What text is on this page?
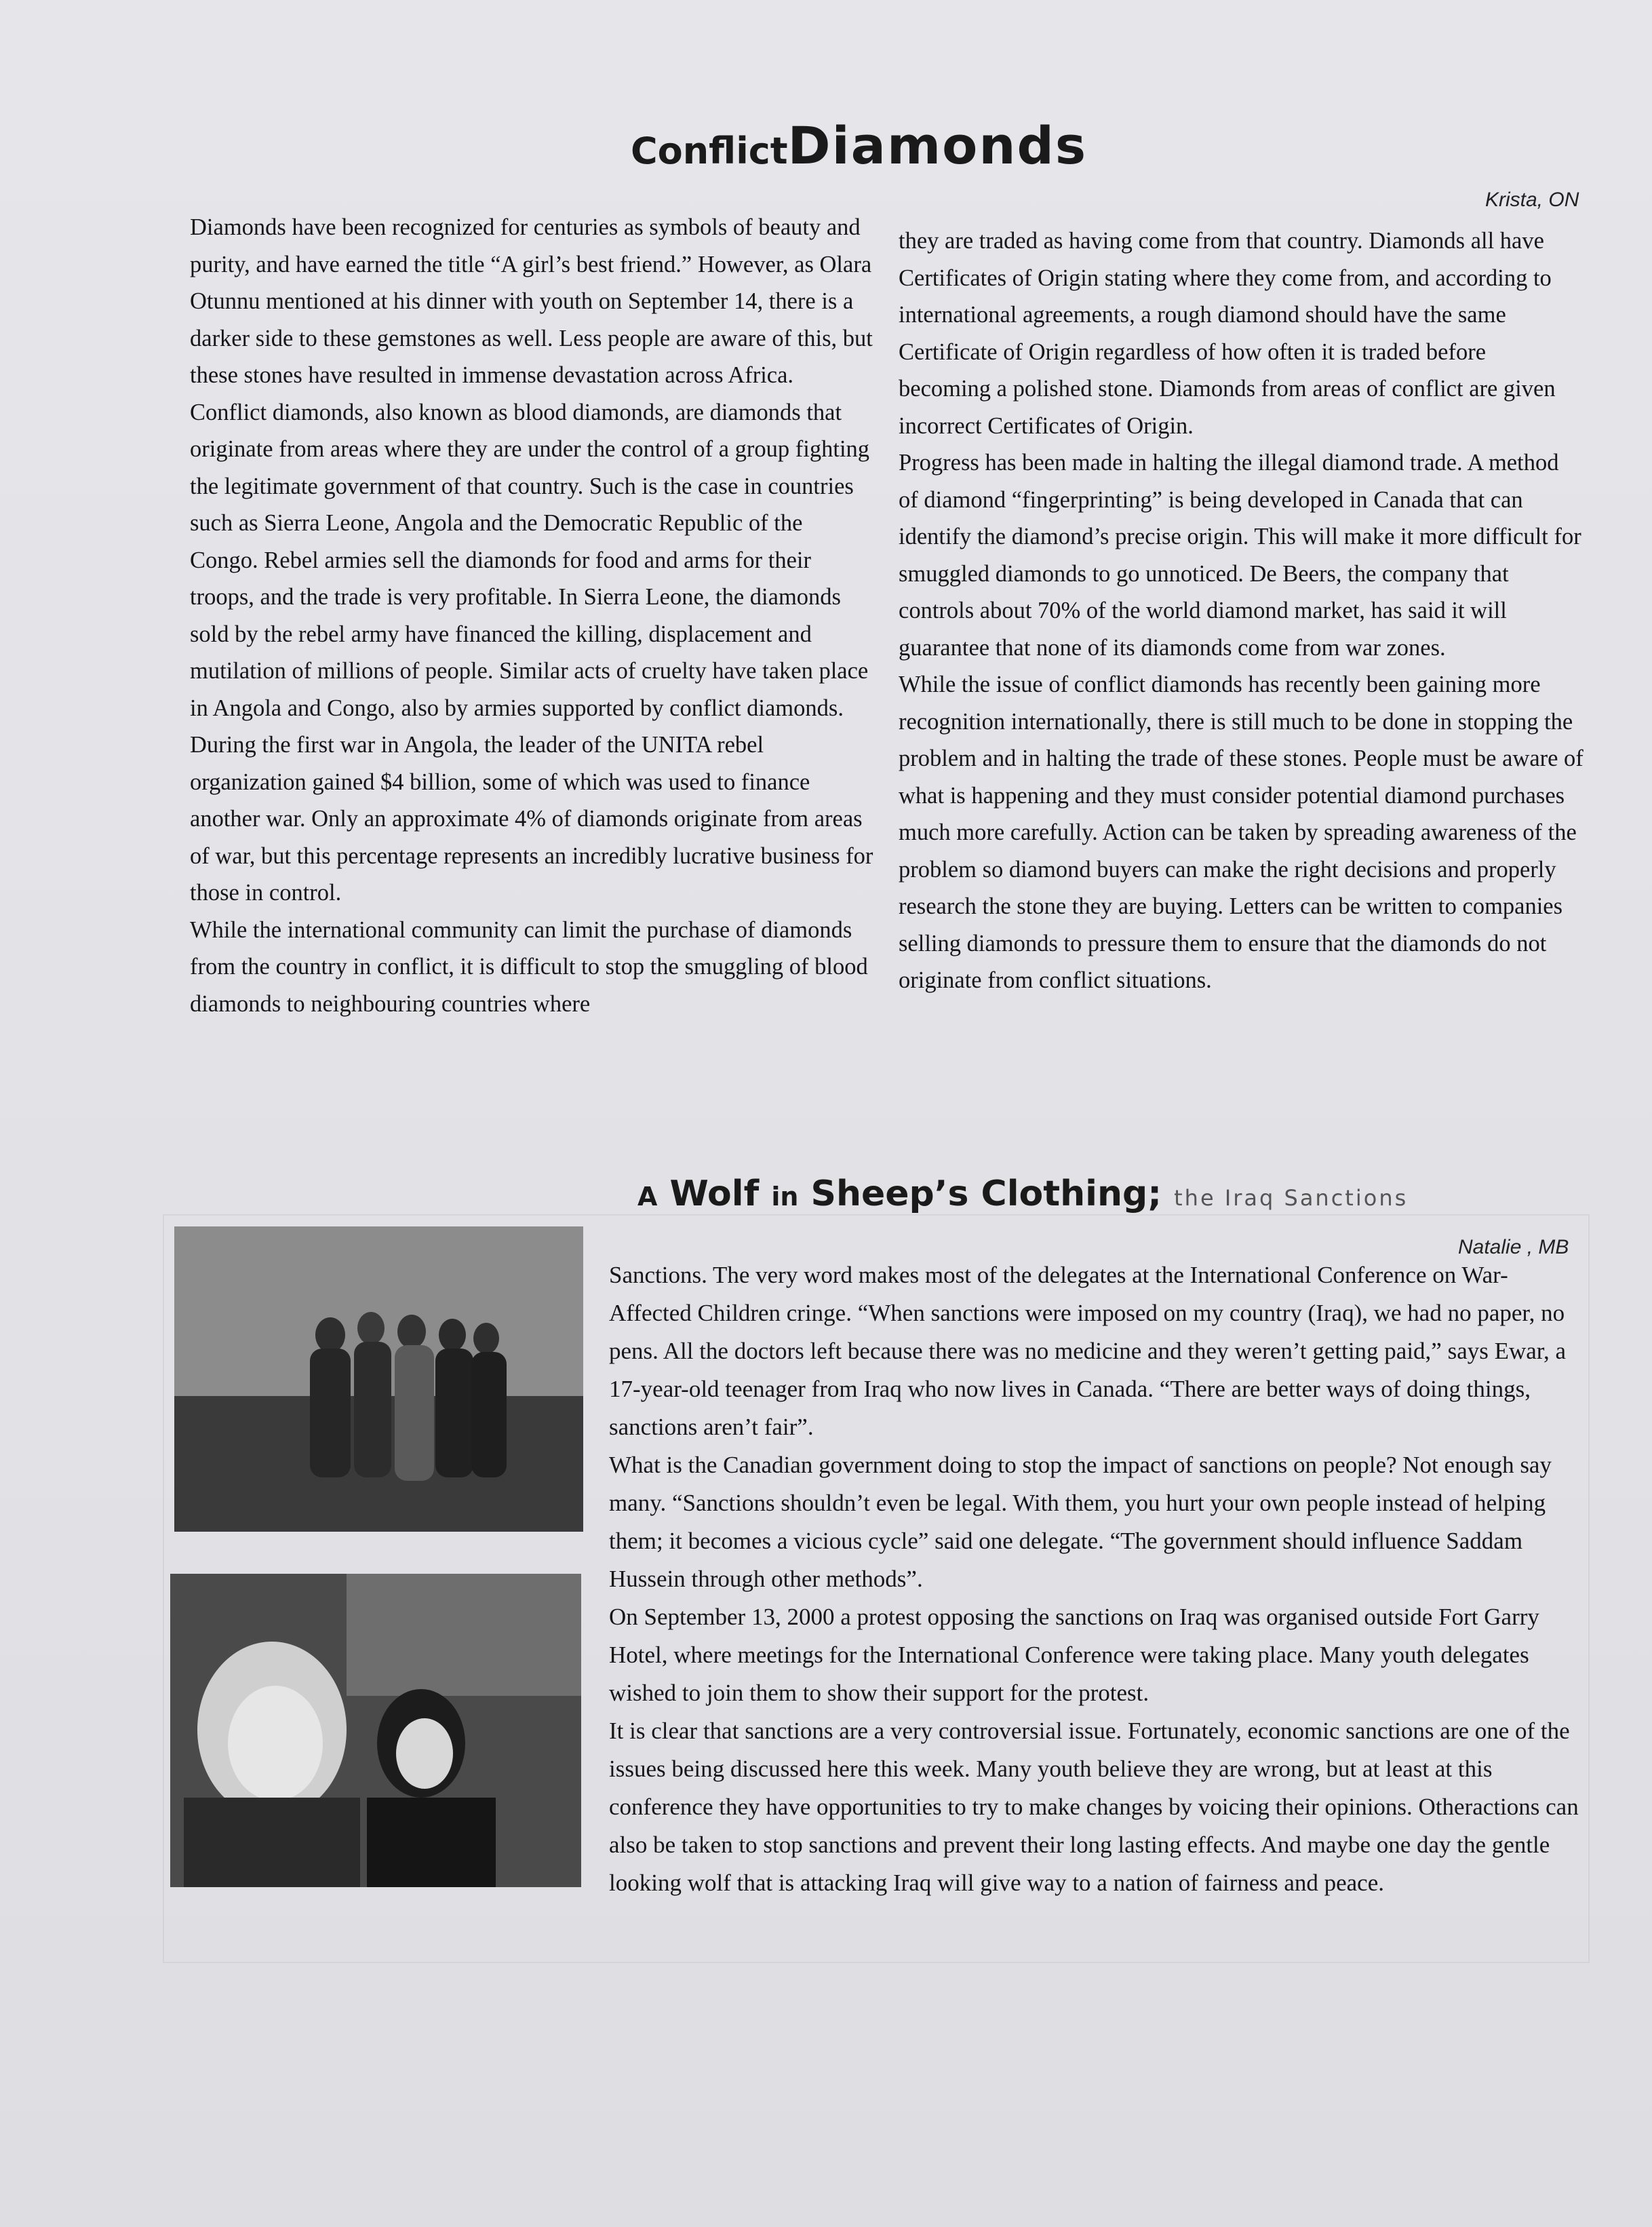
ConflictDiamonds

Krista, ON

Diamonds have been recognized for centuries as symbols of beauty and purity, and have earned the title “A girl’s best friend.” However, as Olara Otunnu mentioned at his dinner with youth on September 14, there is a darker side to these gemstones as well. Less people are aware of this, but these stones have resulted in immense devastation across Africa.

Conflict diamonds, also known as blood diamonds, are diamonds that originate from areas where they are under the control of a group fighting the legitimate government of that country. Such is the case in countries such as Sierra Leone, Angola and the Democratic Republic of the Congo. Rebel armies sell the diamonds for food and arms for their troops, and the trade is very profitable. In Sierra Leone, the diamonds sold by the rebel army have financed the killing, displacement and mutilation of millions of people. Similar acts of cruelty have taken place in Angola and Congo, also by armies supported by conflict diamonds. During the first war in Angola, the leader of the UNITA rebel organization gained $4 billion, some of which was used to finance another war. Only an approximate 4% of diamonds originate from areas of war, but this percentage represents an incredibly lucrative business for those in control.

While the international community can limit the purchase of diamonds from the country in conflict, it is difficult to stop the smuggling of blood diamonds to neighbouring countries where

they are traded as having come from that country. Diamonds all have Certificates of Origin stating where they come from, and according to international agreements, a rough diamond should have the same Certificate of Origin regardless of how often it is traded before becoming a polished stone. Diamonds from areas of conflict are given incorrect Certificates of Origin.

Progress has been made in halting the illegal diamond trade. A method of diamond “fingerprinting” is being developed in Canada that can identify the diamond’s precise origin. This will make it more difficult for smuggled diamonds to go unnoticed. De Beers, the company that controls about 70% of the world diamond market, has said it will guarantee that none of its diamonds come from war zones.

While the issue of conflict diamonds has recently been gaining more recognition internationally, there is still much to be done in stopping the problem and in halting the trade of these stones. People must be aware of what is happening and they must consider potential diamond purchases much more carefully. Action can be taken by spreading awareness of the problem so diamond buyers can make the right decisions and properly research the stone they are buying. Letters can be written to companies selling diamonds to pressure them to ensure that the diamonds do not originate from conflict situations.

A Wolf in Sheep’s Clothing; the Iraq Sanctions

Natalie , MB

Sanctions. The very word makes most of the delegates at the International Conference on War-Affected Children cringe. “When sanctions were imposed on my country (Iraq), we had no paper, no pens. All the doctors left because there was no medicine and they weren’t getting paid,” says Ewar, a 17-year-old teenager from Iraq who now lives in Canada. “There are better ways of doing things, sanctions aren’t fair”.

What is the Canadian government doing to stop the impact of sanctions on people? Not enough say many. “Sanctions shouldn’t even be legal. With them, you hurt your own people instead of helping them; it becomes a vicious cycle” said one delegate. “The government should influence Saddam Hussein through other methods”.

On September 13, 2000 a protest opposing the sanctions on Iraq was organised outside Fort Garry Hotel, where meetings for the International Conference were taking place. Many youth delegates wished to join them to show their support for the protest.

It is clear that sanctions are a very controversial issue. Fortunately, economic sanctions are one of the issues being discussed here this week. Many youth believe they are wrong, but at least at this conference they have opportunities to try to make changes by voicing their opinions. Otheractions can also be taken to stop sanctions and prevent their long lasting effects. And maybe one day the gentle looking wolf that is attacking Iraq will give way to a nation of fairness and peace.
